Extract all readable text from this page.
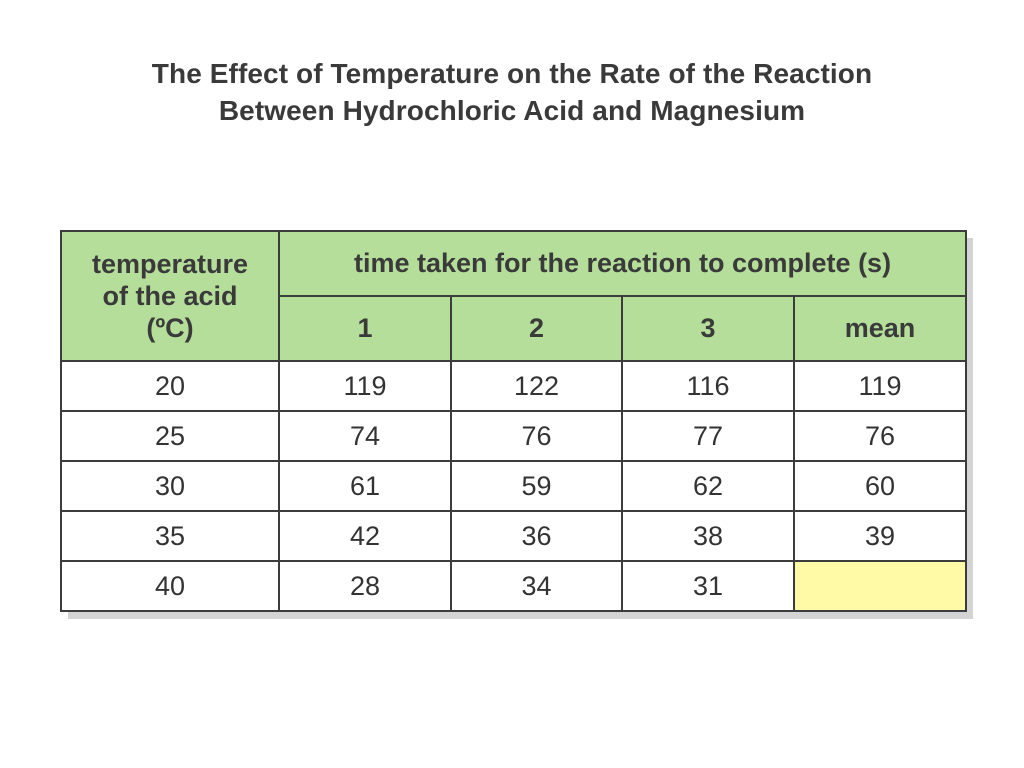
The Effect of Temperature on the Rate of the Reaction
Between Hydrochloric Acid and Magnesium
temperature
of the acid
(ºC)	time taken for the reaction to complete (s)			
	1	2	3	mean
20	119	122	116	119
25	74	76	77	76
30	61	59	62	60
35	42	36	38	39
40	28	34	31	
